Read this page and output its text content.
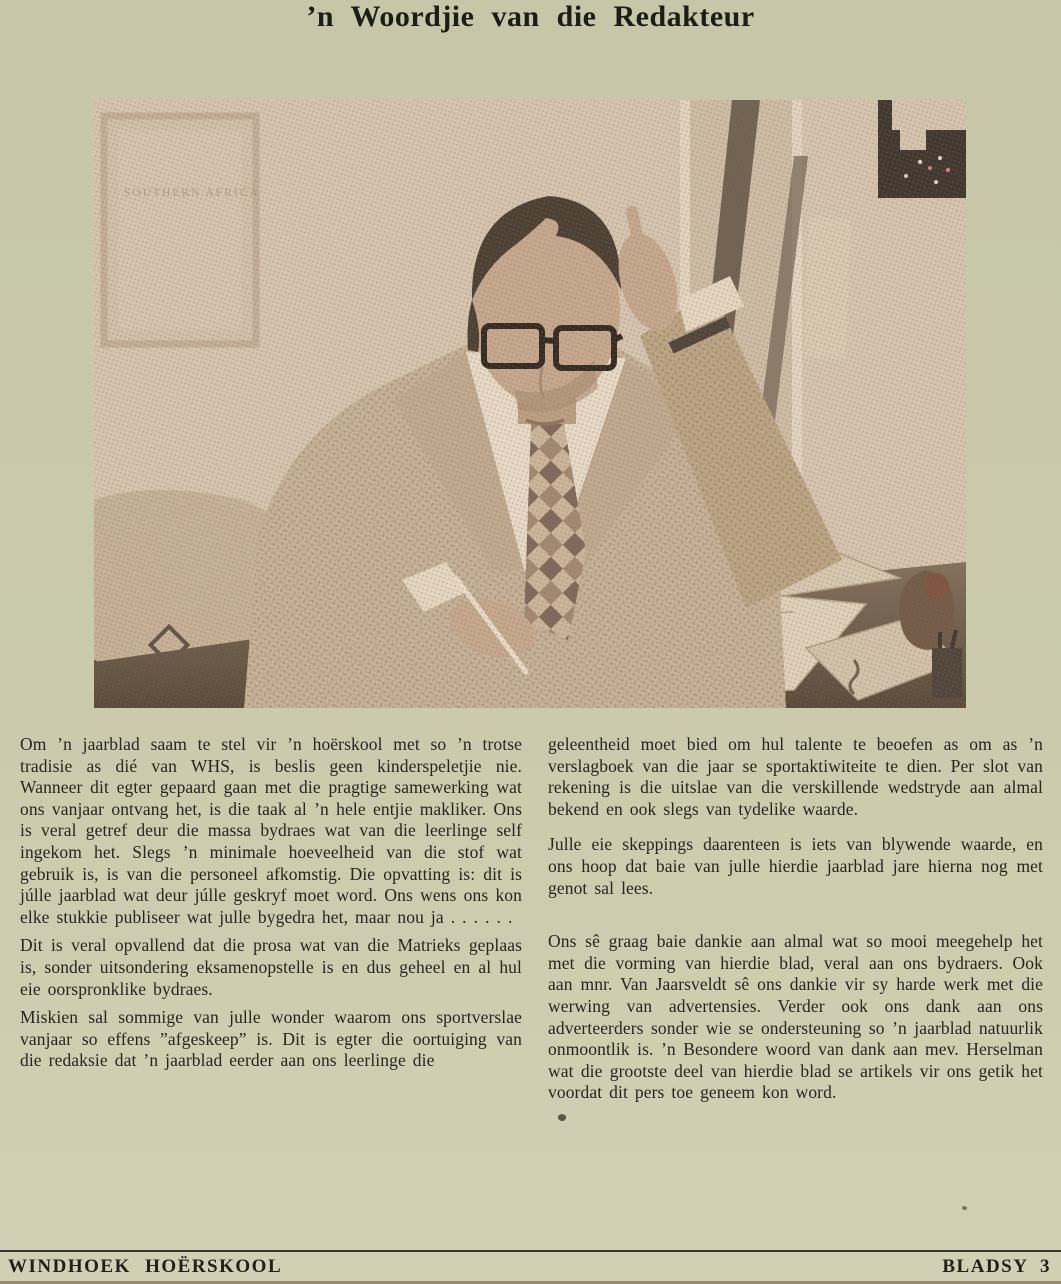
’n Woordjie van die Redakteur

Om ’n jaarblad saam te stel vir ’n hoërskool met so ’n trotse tradisie as dié van WHS, is beslis geen kinderspeletjie nie. Wanneer dit egter gepaard gaan met die pragtige samewerking wat ons vanjaar ontvang het, is die taak al ’n hele entjie makliker. Ons is veral getref deur die massa bydraes wat van die leerlinge self ingekom het. Slegs ’n minimale hoeveelheid van die stof wat gebruik is, is van die personeel afkomstig. Die opvatting is: dit is júlle jaarblad wat deur júlle geskryf moet word. Ons wens ons kon elke stukkie publiseer wat julle bygedra het, maar nou ja . . . . . .

Dit is veral opvallend dat die prosa wat van die Matrieks geplaas is, sonder uitsondering eksamenopstelle is en dus geheel en al hul eie oorspronklike bydraes.

Miskien sal sommige van julle wonder waarom ons sportverslae vanjaar so effens ”afgeskeep” is. Dit is egter die oortuiging van die redaksie dat ’n jaarblad eerder aan ons leerlinge die

geleentheid moet bied om hul talente te beoefen as om as ’n verslagboek van die jaar se sportaktiwiteite te dien. Per slot van rekening is die uitslae van die verskillende wedstryde aan almal bekend en ook slegs van tydelike waarde.

Julle eie skeppings daarenteen is iets van blywende waarde, en ons hoop dat baie van julle hierdie jaarblad jare hierna nog met genot sal lees.

Ons sê graag baie dankie aan almal wat so mooi meegehelp het met die vorming van hierdie blad, veral aan ons bydraers. Ook aan mnr. Van Jaarsveldt sê ons dankie vir sy harde werk met die werwing van advertensies. Verder ook ons dank aan ons adverteerders sonder wie se ondersteuning so ’n jaarblad natuurlik onmoontlik is. ’n Besondere woord van dank aan mev. Herselman wat die grootste deel van hierdie blad se artikels vir ons getik het voordat dit pers toe geneem kon word.

WINDHOEK HOËRSKOOL	BLADSY 3
